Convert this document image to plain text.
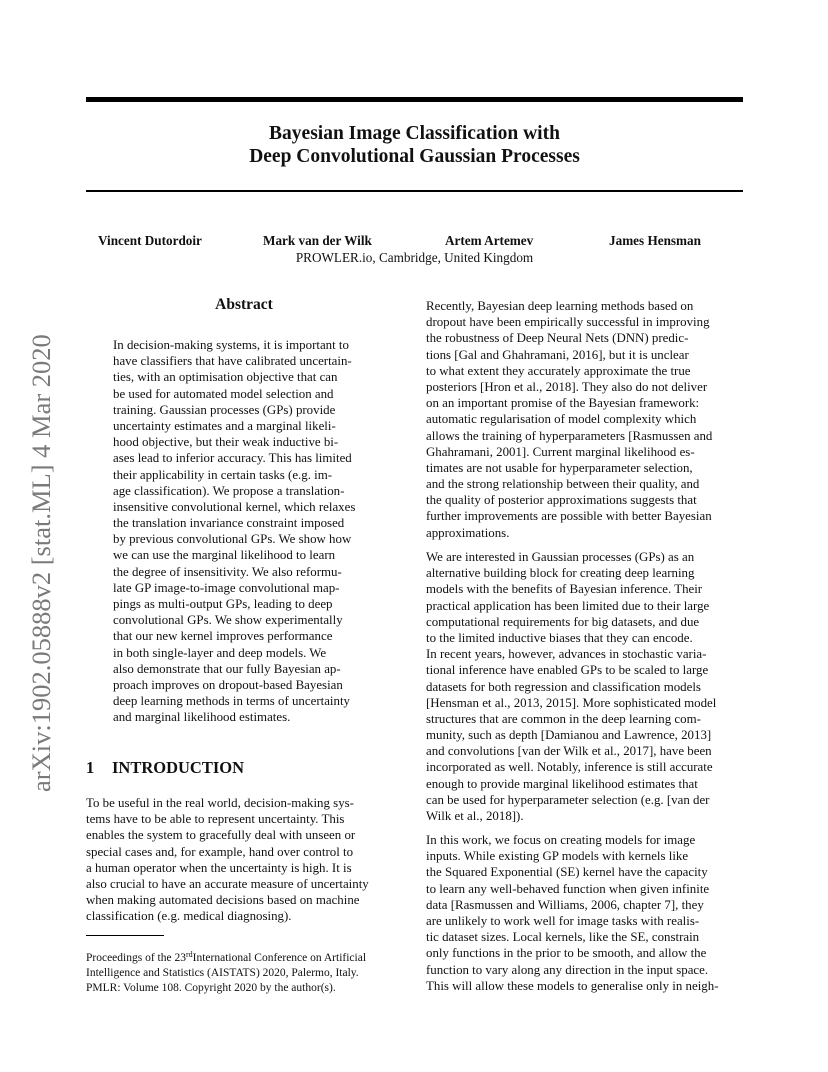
arXiv:1902.05888v2 [stat.ML] 4 Mar 2020
Bayesian Image Classification with
Deep Convolutional Gaussian Processes
Vincent Dutordoir	Mark van der Wilk	Artem Artemev	James Hensman
PROWLER.io, Cambridge, United Kingdom
Abstract
In decision-making systems, it is important to
have classifiers that have calibrated uncertain-
ties, with an optimisation objective that can
be used for automated model selection and
training. Gaussian processes (GPs) provide
uncertainty estimates and a marginal likeli-
hood objective, but their weak inductive bi-
ases lead to inferior accuracy. This has limited
their applicability in certain tasks (e.g. im-
age classification). We propose a translation-
insensitive convolutional kernel, which relaxes
the translation invariance constraint imposed
by previous convolutional GPs. We show how
we can use the marginal likelihood to learn
the degree of insensitivity. We also reformu-
late GP image-to-image convolutional map-
pings as multi-output GPs, leading to deep
convolutional GPs. We show experimentally
that our new kernel improves performance
in both single-layer and deep models. We
also demonstrate that our fully Bayesian ap-
proach improves on dropout-based Bayesian
deep learning methods in terms of uncertainty
and marginal likelihood estimates.
1 INTRODUCTION
To be useful in the real world, decision-making sys-
tems have to be able to represent uncertainty. This
enables the system to gracefully deal with unseen or
special cases and, for example, hand over control to
a human operator when the uncertainty is high. It is
also crucial to have an accurate measure of uncertainty
when making automated decisions based on machine
classification (e.g. medical diagnosing).
Proceedings of the 23rdInternational Conference on Artificial
Intelligence and Statistics (AISTATS) 2020, Palermo, Italy.
PMLR: Volume 108. Copyright 2020 by the author(s).
Recently, Bayesian deep learning methods based on
dropout have been empirically successful in improving
the robustness of Deep Neural Nets (DNN) predic-
tions [Gal and Ghahramani, 2016], but it is unclear
to what extent they accurately approximate the true
posteriors [Hron et al., 2018]. They also do not deliver
on an important promise of the Bayesian framework:
automatic regularisation of model complexity which
allows the training of hyperparameters [Rasmussen and
Ghahramani, 2001]. Current marginal likelihood es-
timates are not usable for hyperparameter selection,
and the strong relationship between their quality, and
the quality of posterior approximations suggests that
further improvements are possible with better Bayesian
approximations.
We are interested in Gaussian processes (GPs) as an
alternative building block for creating deep learning
models with the benefits of Bayesian inference. Their
practical application has been limited due to their large
computational requirements for big datasets, and due
to the limited inductive biases that they can encode.
In recent years, however, advances in stochastic varia-
tional inference have enabled GPs to be scaled to large
datasets for both regression and classification models
[Hensman et al., 2013, 2015]. More sophisticated model
structures that are common in the deep learning com-
munity, such as depth [Damianou and Lawrence, 2013]
and convolutions [van der Wilk et al., 2017], have been
incorporated as well. Notably, inference is still accurate
enough to provide marginal likelihood estimates that
can be used for hyperparameter selection (e.g. [van der
Wilk et al., 2018]).
In this work, we focus on creating models for image
inputs. While existing GP models with kernels like
the Squared Exponential (SE) kernel have the capacity
to learn any well-behaved function when given infinite
data [Rasmussen and Williams, 2006, chapter 7], they
are unlikely to work well for image tasks with realis-
tic dataset sizes. Local kernels, like the SE, constrain
only functions in the prior to be smooth, and allow the
function to vary along any direction in the input space.
This will allow these models to generalise only in neigh-
